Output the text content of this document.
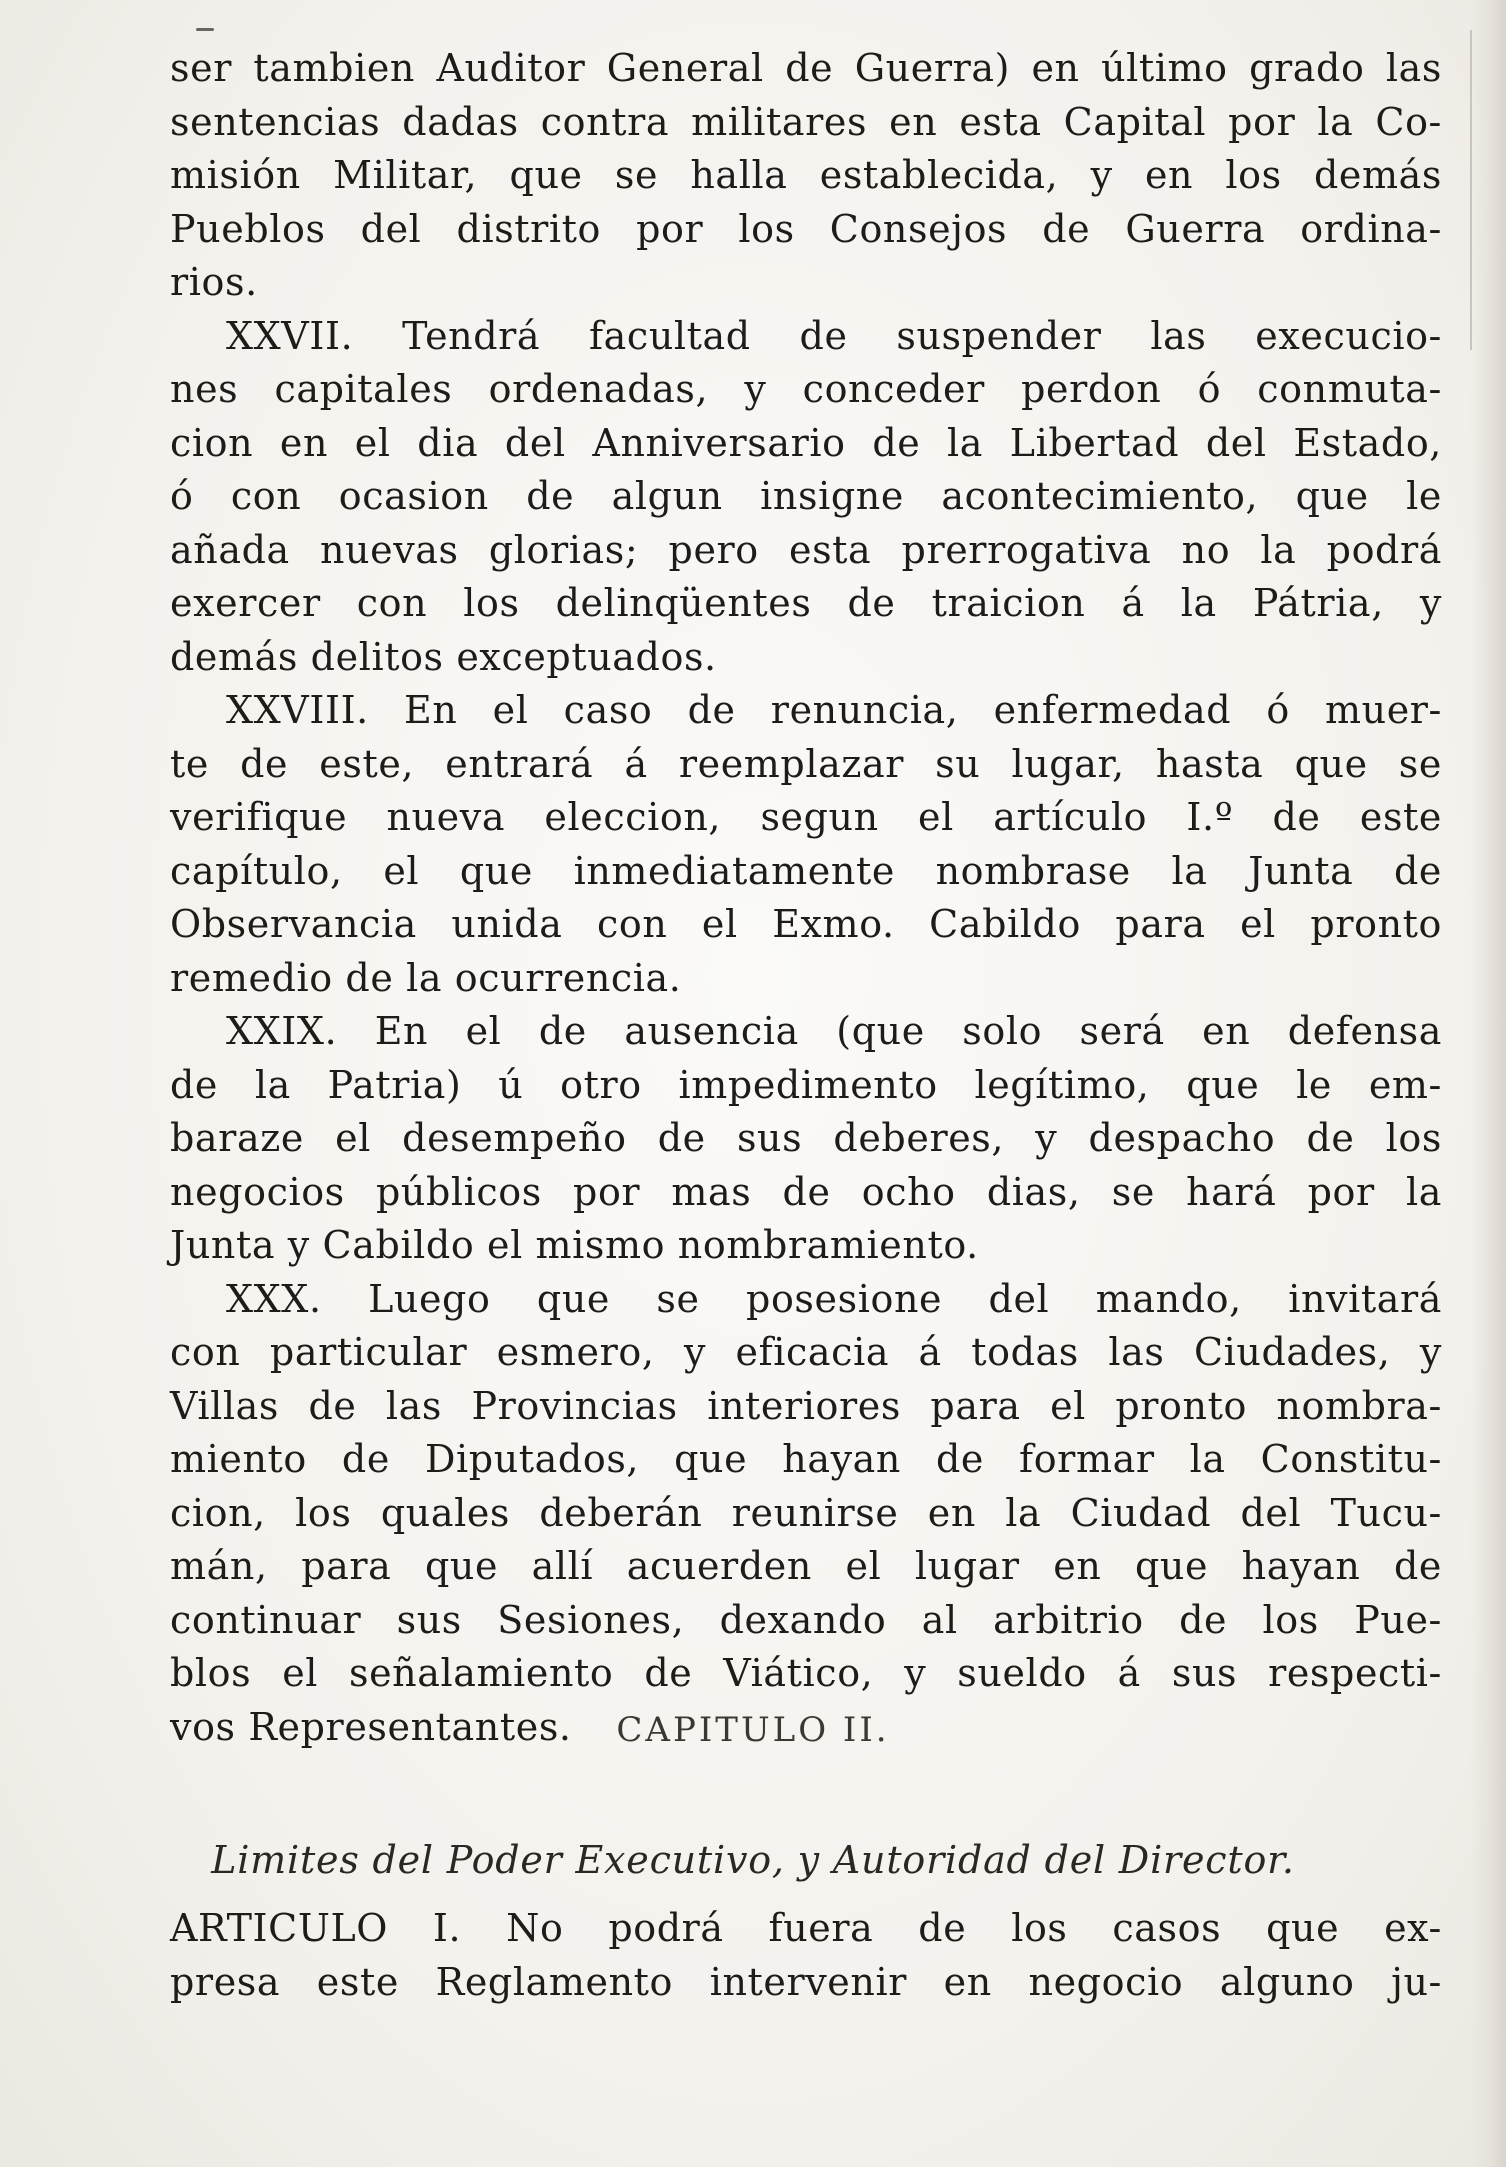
ser tambien Auditor General de Guerra) en último grado las
sentencias dadas contra militares en esta Capital por la Co-
misión Militar, que se halla establecida, y en los demás
Pueblos del distrito por los Consejos de Guerra ordina-
rios.
XXVII. Tendrá facultad de suspender las execucio-
nes capitales ordenadas, y conceder perdon ó conmuta-
cion en el dia del Anniversario de la Libertad del Estado,
ó con ocasion de algun insigne acontecimiento, que le
añada nuevas glorias; pero esta prerrogativa no la podrá
exercer con los delinqüentes de traicion á la Pátria, y
demás delitos exceptuados.
XXVIII. En el caso de renuncia, enfermedad ó muer-
te de este, entrará á reemplazar su lugar, hasta que se
verifique nueva eleccion, segun el artículo I.º de este
capítulo, el que inmediatamente nombrase la Junta de
Observancia unida con el Exmo. Cabildo para el pronto
remedio de la ocurrencia.
XXIX. En el de ausencia (que solo será en defensa
de la Patria) ú otro impedimento legítimo, que le em-
baraze el desempeño de sus deberes, y despacho de los
negocios públicos por mas de ocho dias, se hará por la
Junta y Cabildo el mismo nombramiento.
XXX. Luego que se posesione del mando, invitará
con particular esmero, y eficacia á todas las Ciudades, y
Villas de las Provincias interiores para el pronto nombra-
miento de Diputados, que hayan de formar la Constitu-
cion, los quales deberán reunirse en la Ciudad del Tucu-
mán, para que allí acuerden el lugar en que hayan de
continuar sus Sesiones, dexando al arbitrio de los Pue-
blos el señalamiento de Viático, y sueldo á sus respecti-
vos Representantes.	CAPITULO II.
Limites del Poder Executivo, y Autoridad del Director.
ARTICULO I. No podrá fuera de los casos que ex-
presa este Reglamento intervenir en negocio alguno ju-
